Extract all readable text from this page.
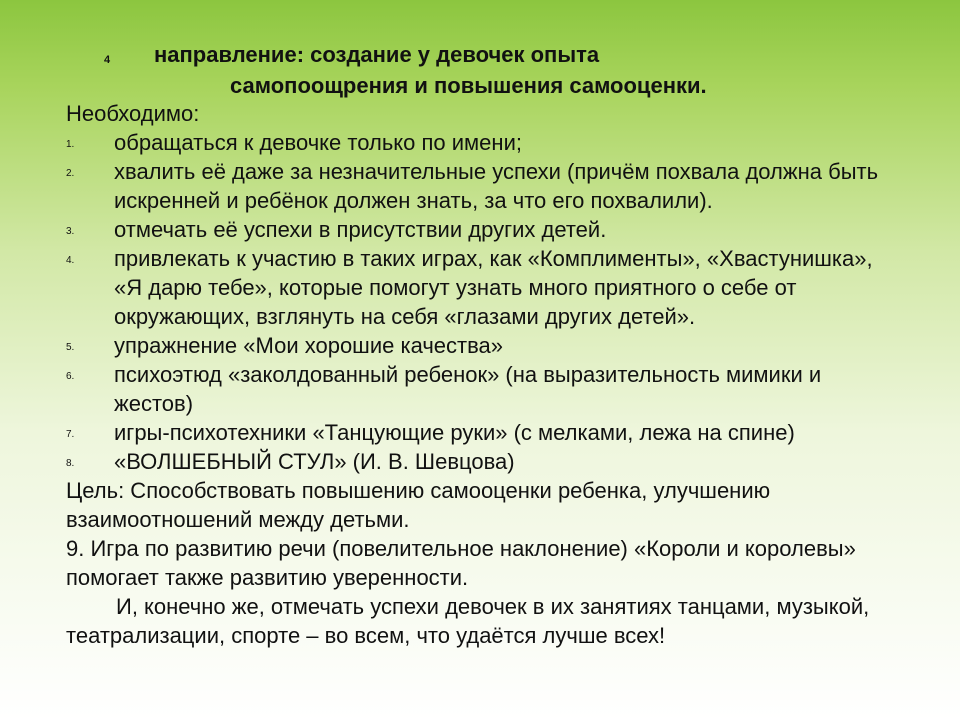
4 направление: создание у девочек опыта
самопоощрения и повышения самооценки.

Необходимо:

1. обращаться к девочке только по имени;
2. хвалить её даже за незначительные успехи (причём похвала должна быть искренней и ребёнок должен знать, за что его похвалили).
3. отмечать её успехи в присутствии других детей.
4. привлекать к участию в таких играх, как «Комплименты», «Хвастунишка», «Я дарю тебе», которые помогут узнать много приятного о себе от окружающих, взглянуть на себя «глазами других детей».
5. упражнение «Мои хорошие качества»
6. психоэтюд «заколдованный ребенок» (на выразительность мимики и жестов)
7. игры-психотехники «Танцующие руки» (с мелками, лежа на спине)
8. «ВОЛШЕБНЫЙ СТУЛ» (И. В. Шевцова)

Цель: Способствовать повышению самооценки ребенка, улучшению взаимоотношений между детьми.

9. Игра по развитию речи (повелительное наклонение) «Короли и королевы» помогает также развитию уверенности.

И, конечно же, отмечать успехи девочек в их занятиях танцами, музыкой, театрализации, спорте – во всем, что удаётся лучше всех!
